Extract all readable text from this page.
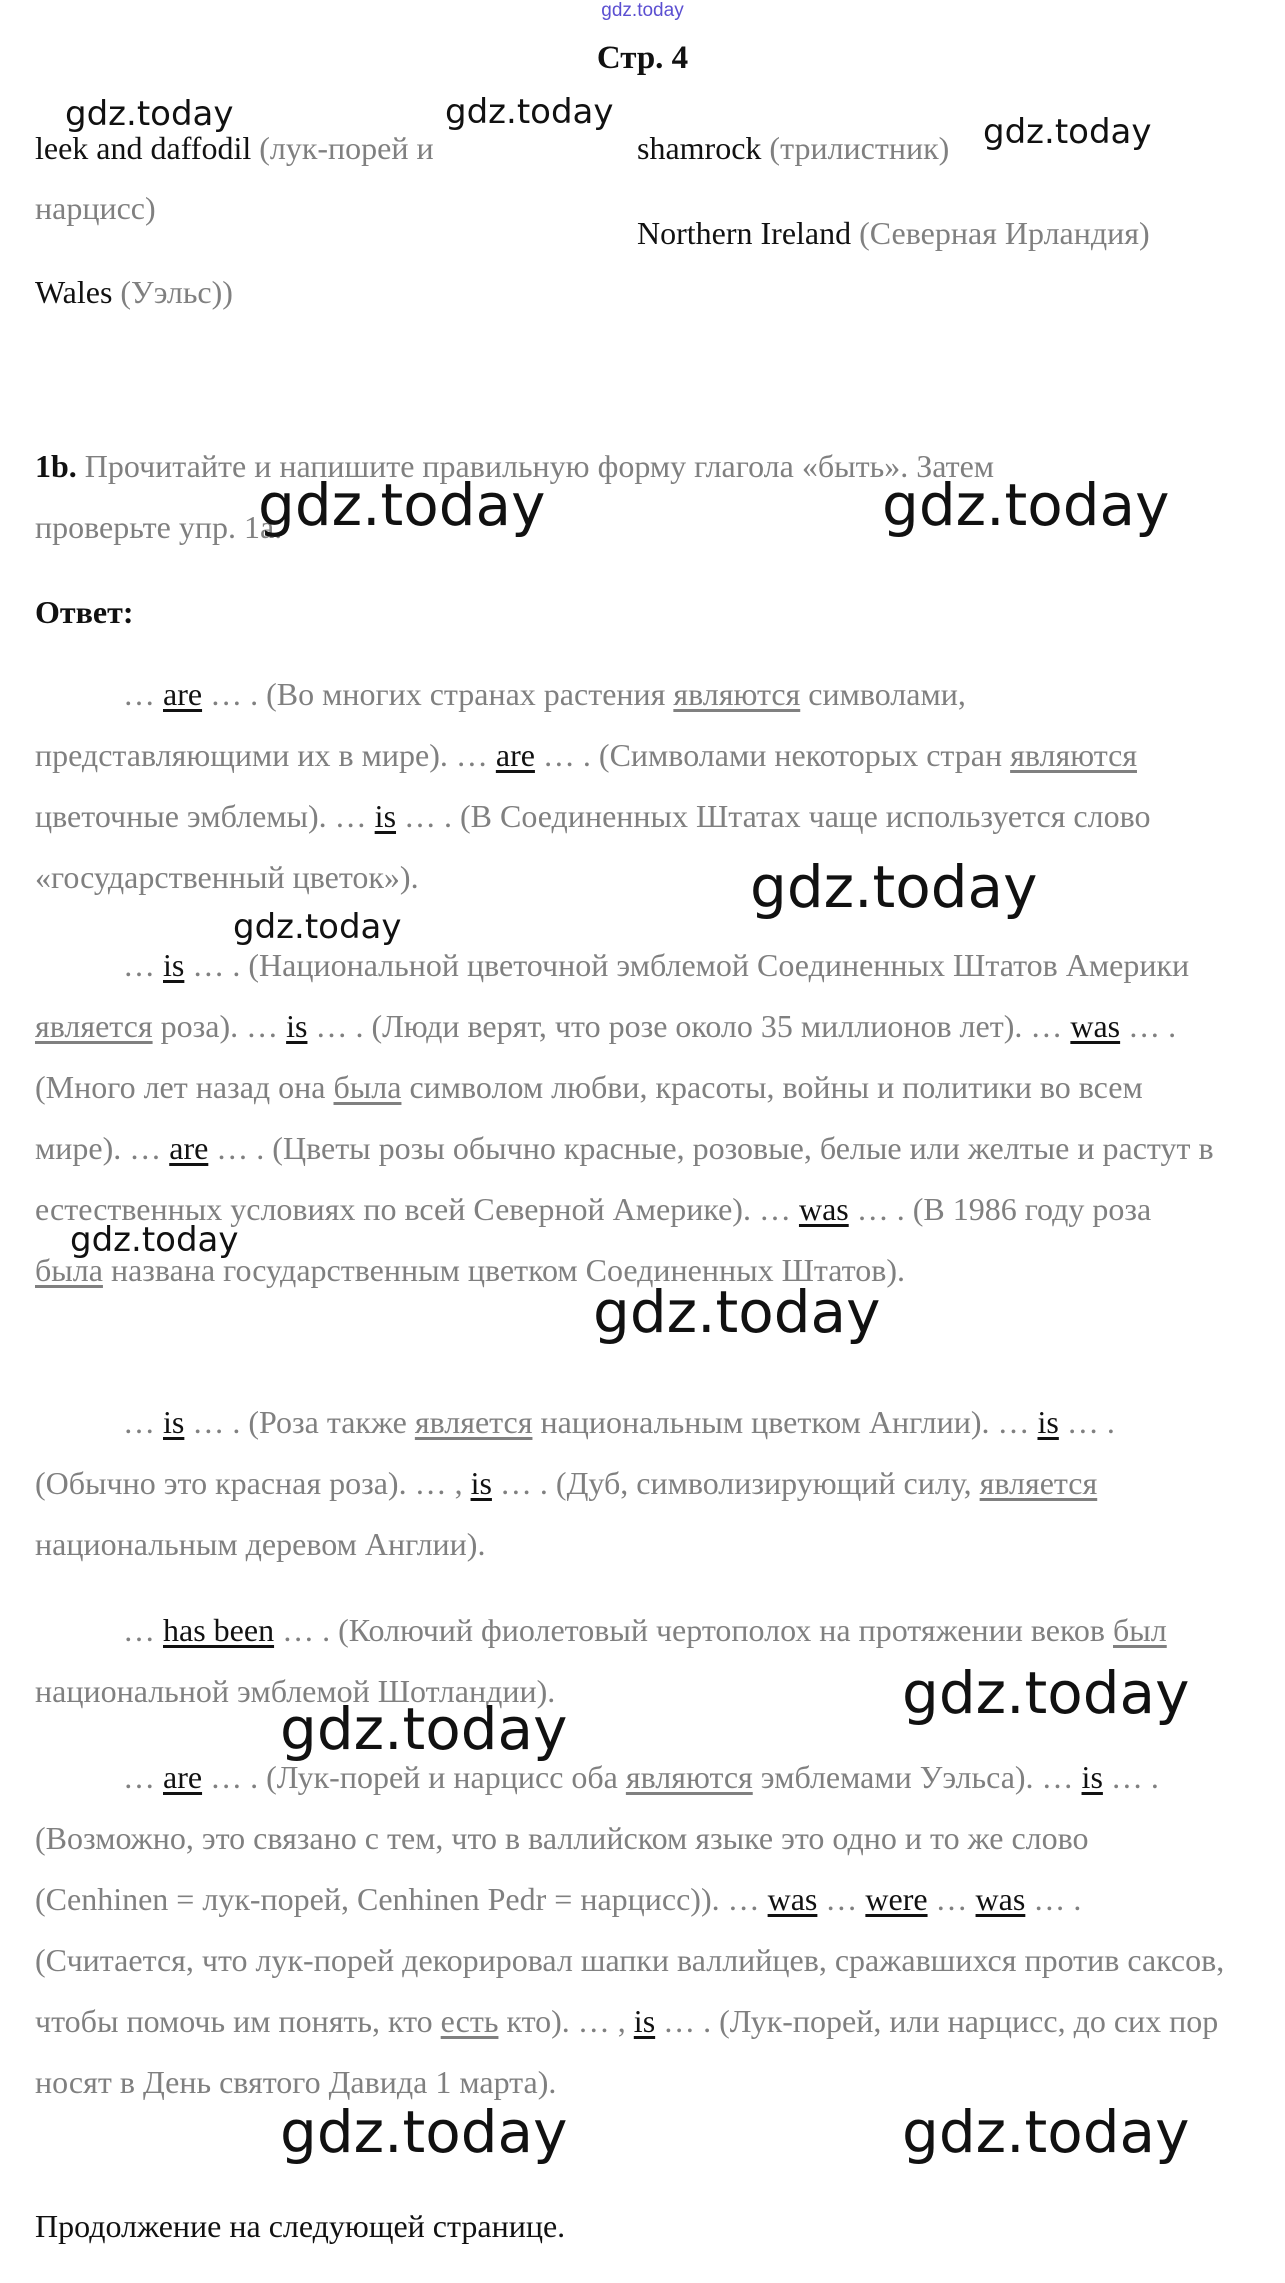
gdz.today
Стр. 4
leek and daffodil (лук-порей и
нарцисс)
Wales (Уэльс))
shamrock (трилистник)
Northern Ireland (Северная Ирландия)
1b. Прочитайте и напишите правильную форму глагола «быть». Затем
проверьте упр. 1a.
Ответ:

… are … . (Во многих странах растения являются символами, представляющими их в мире). … are … . (Символами некоторых стран являются цветочные эмблемы). … is … . (В Соединенных Штатах чаще используется слово «государственный цветок»).

… is … . (Национальной цветочной эмблемой Соединенных Штатов Америки является роза). … is … . (Люди верят, что розе около 35 миллионов лет). … was … . (Много лет назад она была символом любви, красоты, войны и политики во всем мире). … are … . (Цветы розы обычно красные, розовые, белые или желтые и растут в естественных условиях по всей Северной Америке). … was … . (В 1986 году роза была названа государственным цветком Соединенных Штатов).

… is … . (Роза также является национальным цветком Англии). … is … . (Обычно это красная роза). … , is … . (Дуб, символизирующий силу, является национальным деревом Англии).

… has been … . (Колючий фиолетовый чертополох на протяжении веков был национальной эмблемой Шотландии).

… are … . (Лук-порей и нарцисс оба являются эмблемами Уэльса). … is … . (Возможно, это связано с тем, что в валлийском языке это одно и то же слово (Cenhinen = лук-порей, Cenhinen Pedr = нарцисс)). … was … were … was … . (Считается, что лук-порей декорировал шапки валлийцев, сражавшихся против саксов, чтобы помочь им понять, кто есть кто). … , is … . (Лук-порей, или нарцисс, до сих пор носят в День святого Давида 1 марта).

Продолжение на следующей странице.
gdz.today	gdz.today	gdz.today
gdz.today	gdz.today
gdz.today
gdz.today
gdz.today
gdz.today
gdz.today
gdz.today
gdz.today	gdz.today
